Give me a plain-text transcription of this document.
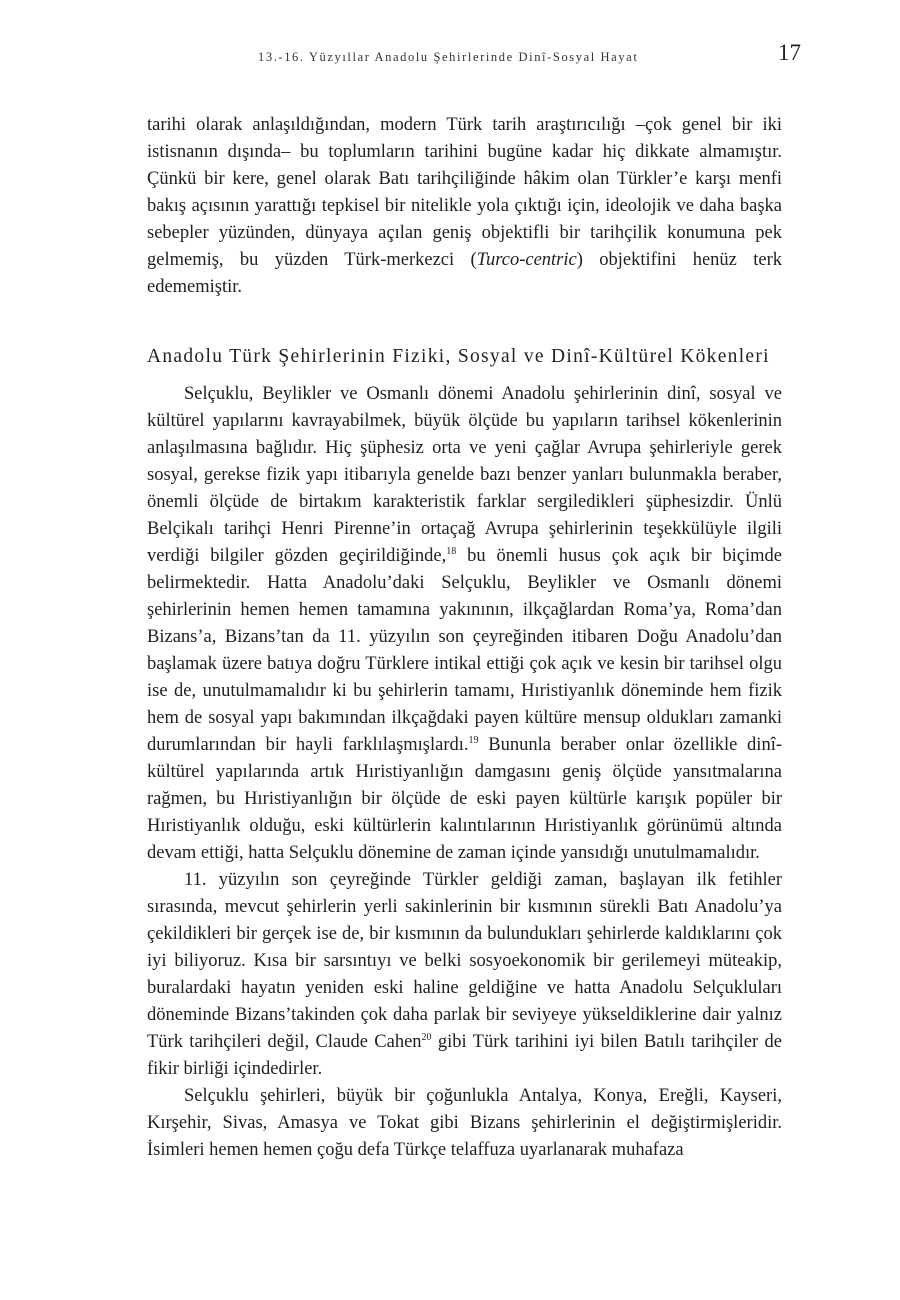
13.-16. Yüzyıllar Anadolu Şehirlerinde Dinî-Sosyal Hayat	17

tarihi olarak anlaşıldığından, modern Türk tarih araştırıcılığı –çok genel bir iki istisnanın dışında– bu toplumların tarihini bugüne kadar hiç dikkate almamıştır. Çünkü bir kere, genel olarak Batı tarihçiliğinde hâkim olan Türkler’e karşı menfi bakış açısının yarattığı tepkisel bir nitelikle yola çıktığı için, ideolojik ve daha başka sebepler yüzünden, dünyaya açılan geniş objektifli bir tarihçilik konumuna pek gelmemiş, bu yüzden Türk-merkezci (Turco-centric) objektifini henüz terk edememiştir.

Anadolu Türk Şehirlerinin Fiziki, Sosyal ve Dinî-Kültürel Kökenleri

Selçuklu, Beylikler ve Osmanlı dönemi Anadolu şehirlerinin dinî, sosyal ve kültürel yapılarını kavrayabilmek, büyük ölçüde bu yapıların tarihsel kökenlerinin anlaşılmasına bağlıdır. Hiç şüphesiz orta ve yeni çağlar Avrupa şehirleriyle gerek sosyal, gerekse fizik yapı itibarıyla genelde bazı benzer yanları bulunmakla beraber, önemli ölçüde de birtakım karakteristik farklar sergiledikleri şüphesizdir. Ünlü Belçikalı tarihçi Henri Pirenne’in ortaçağ Avrupa şehirlerinin teşekkülüyle ilgili verdiği bilgiler gözden geçirildiğinde,$^{18}$ bu önemli husus çok açık bir biçimde belirmektedir. Hatta Anadolu’daki Selçuklu, Beylikler ve Osmanlı dönemi şehirlerinin hemen hemen tamamına yakınının, ilkçağlardan Roma’ya, Roma’dan Bizans’a, Bizans’tan da 11. yüzyılın son çeyreğinden itibaren Doğu Anadolu’dan başlamak üzere batıya doğru Türklere intikal ettiği çok açık ve kesin bir tarihsel olgu ise de, unutulmamalıdır ki bu şehirlerin tamamı, Hıristiyanlık döneminde hem fizik hem de sosyal yapı bakımından ilkçağdaki payen kültüre mensup oldukları zamanki durumlarından bir hayli farklılaşmışlardı.$^{19}$ Bununla beraber onlar özellikle dinî-kültürel yapılarında artık Hıristiyanlığın damgasını geniş ölçüde yansıtmalarına rağmen, bu Hıristiyanlığın bir ölçüde de eski payen kültürle karışık popüler bir Hıristiyanlık olduğu, eski kültürlerin kalıntılarının Hıristiyanlık görünümü altında devam ettiği, hatta Selçuklu dönemine de zaman içinde yansıdığı unutulmamalıdır.

11. yüzyılın son çeyreğinde Türkler geldiği zaman, başlayan ilk fetihler sırasında, mevcut şehirlerin yerli sakinlerinin bir kısmının sürekli Batı Anadolu’ya çekildikleri bir gerçek ise de, bir kısmının da bulundukları şehirlerde kaldıklarını çok iyi biliyoruz. Kısa bir sarsıntıyı ve belki sosyoekonomik bir gerilemeyi müteakip, buralardaki hayatın yeniden eski haline geldiğine ve hatta Anadolu Selçukluları döneminde Bizans’takinden çok daha parlak bir seviyeye yükseldiklerine dair yalnız Türk tarihçileri değil, Claude Cahen$^{20}$ gibi Türk tarihini iyi bilen Batılı tarihçiler de fikir birliği içindedirler.

Selçuklu şehirleri, büyük bir çoğunlukla Antalya, Konya, Ereğli, Kayseri, Kırşehir, Sivas, Amasya ve Tokat gibi Bizans şehirlerinin el değiştirmişleridir. İsimleri hemen hemen çoğu defa Türkçe telaffuza uyarlanarak muhafaza
